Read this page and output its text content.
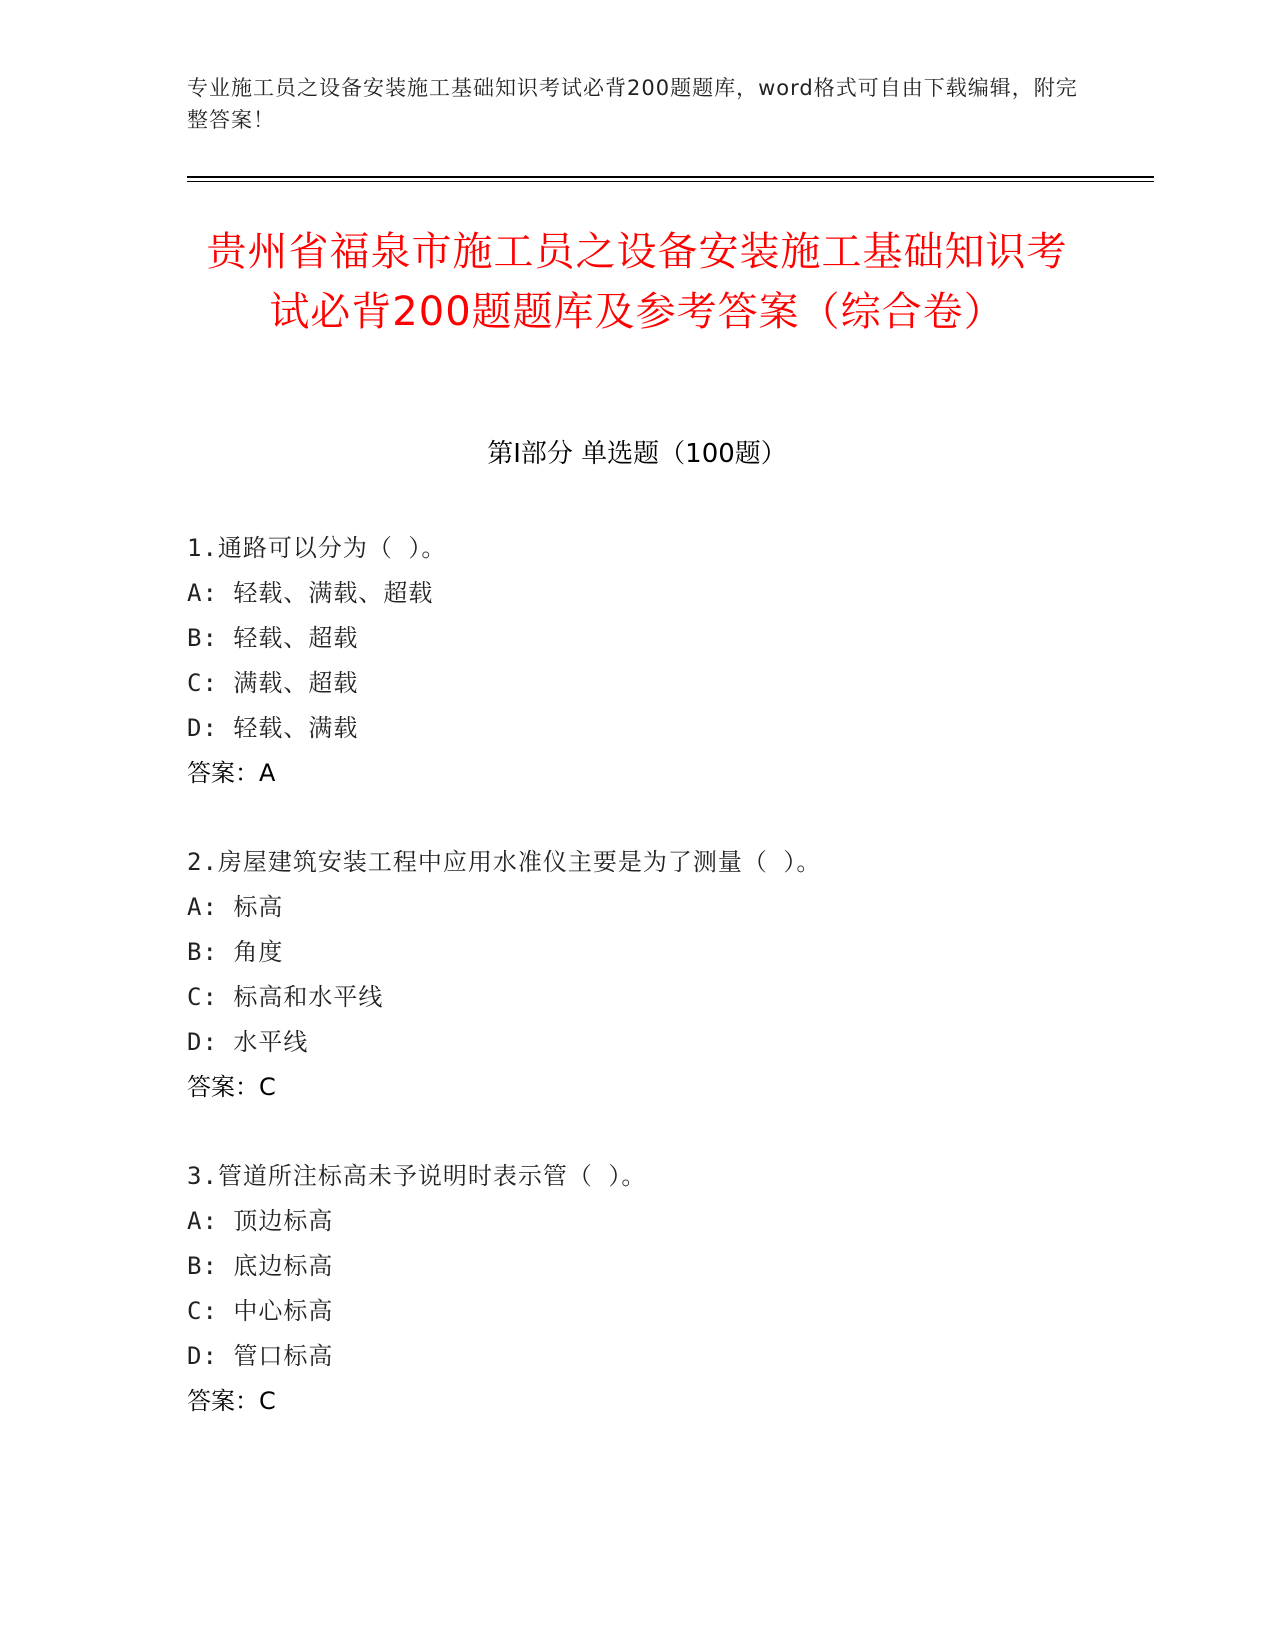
专业施工员之设备安装施工基础知识考试必背200题题库，word格式可自由下载编辑，附完整答案！
贵州省福泉市施工员之设备安装施工基础知识考试必背200题题库及参考答案（综合卷）
第Ⅰ部分 单选题（100题）
1.通路可以分为（ ）。
A: 轻载、满载、超载
B: 轻载、超载
C: 满载、超载
D: 轻载、满载
答案：A
2.房屋建筑安装工程中应用水准仪主要是为了测量（ ）。
A: 标高
B: 角度
C: 标高和水平线
D: 水平线
答案：C
3.管道所注标高未予说明时表示管（ ）。
A: 顶边标高
B: 底边标高
C: 中心标高
D: 管口标高
答案：C
